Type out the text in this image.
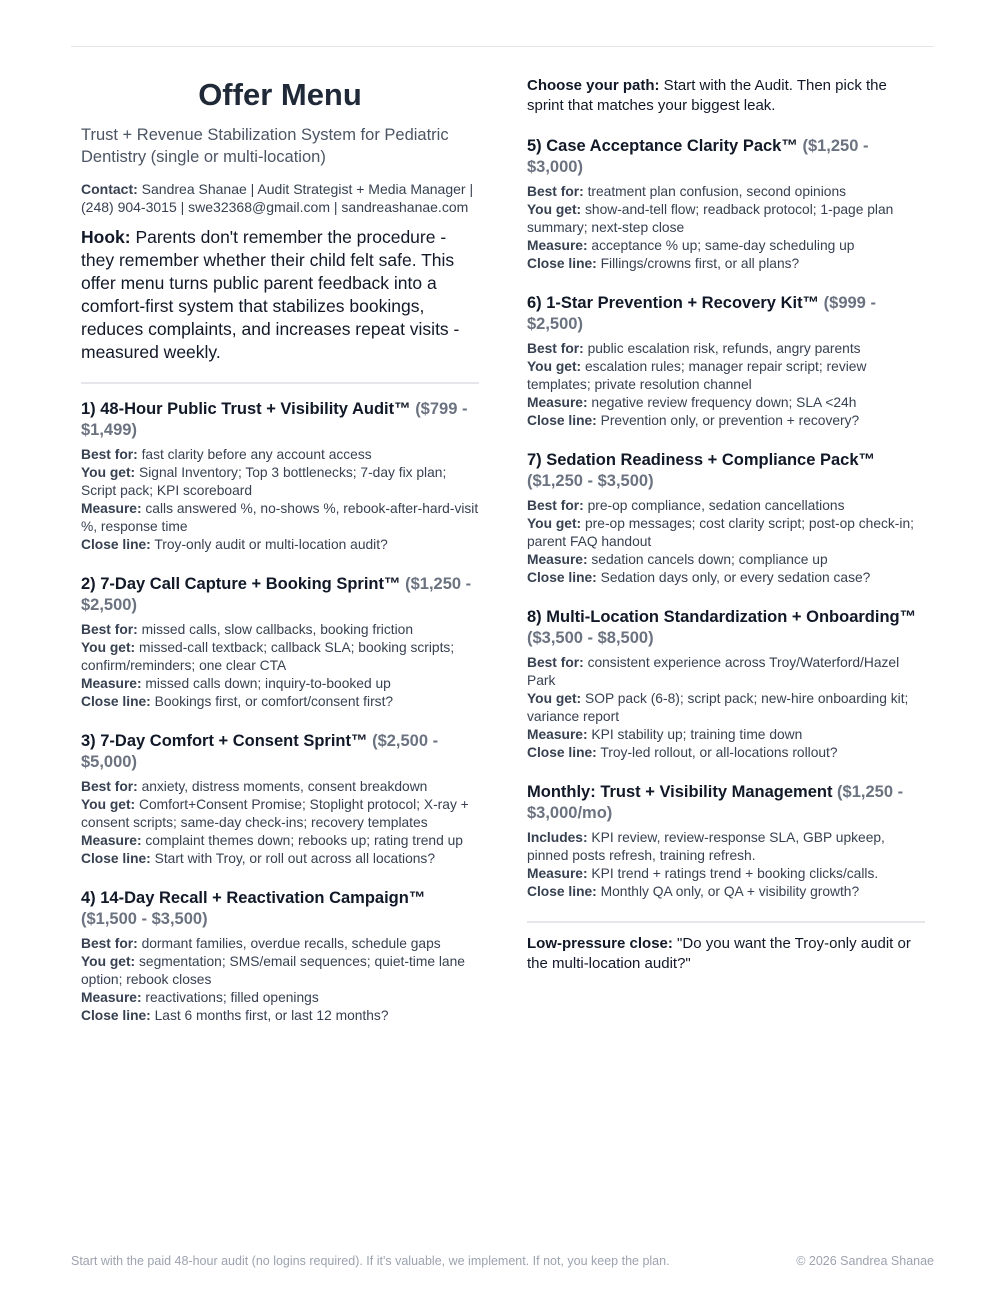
Offer Menu

Trust + Revenue Stabilization System for Pediatric Dentistry (single or multi-location)

Contact: Sandrea Shanae | Audit Strategist + Media Manager | (248) 904-3015 | swe32368@gmail.com | sandreashanae.com

Hook: Parents don't remember the procedure - they remember whether their child felt safe. This offer menu turns public parent feedback into a comfort-first system that stabilizes bookings, reduces complaints, and increases repeat visits - measured weekly.

1) 48-Hour Public Trust + Visibility Audit™ ($799 - $1,499)
Best for: fast clarity before any account access
You get: Signal Inventory; Top 3 bottlenecks; 7-day fix plan; Script pack; KPI scoreboard
Measure: calls answered %, no-shows %, rebook-after-hard-visit %, response time
Close line: Troy-only audit or multi-location audit?
2) 7-Day Call Capture + Booking Sprint™ ($1,250 - $2,500)
Best for: missed calls, slow callbacks, booking friction
You get: missed-call textback; callback SLA; booking scripts; confirm/reminders; one clear CTA
Measure: missed calls down; inquiry-to-booked up
Close line: Bookings first, or comfort/consent first?
3) 7-Day Comfort + Consent Sprint™ ($2,500 - $5,000)
Best for: anxiety, distress moments, consent breakdown
You get: Comfort+Consent Promise; Stoplight protocol; X-ray + consent scripts; same-day check-ins; recovery templates
Measure: complaint themes down; rebooks up; rating trend up
Close line: Start with Troy, or roll out across all locations?
4) 14-Day Recall + Reactivation Campaign™ ($1,500 - $3,500)
Best for: dormant families, overdue recalls, schedule gaps
You get: segmentation; SMS/email sequences; quiet-time lane option; rebook closes
Measure: reactivations; filled openings
Close line: Last 6 months first, or last 12 months?

Choose your path: Start with the Audit. Then pick the sprint that matches your biggest leak.

5) Case Acceptance Clarity Pack™ ($1,250 - $3,000)
Best for: treatment plan confusion, second opinions
You get: show-and-tell flow; readback protocol; 1-page plan summary; next-step close
Measure: acceptance % up; same-day scheduling up
Close line: Fillings/crowns first, or all plans?
6) 1-Star Prevention + Recovery Kit™ ($999 - $2,500)
Best for: public escalation risk, refunds, angry parents
You get: escalation rules; manager repair script; review templates; private resolution channel
Measure: negative review frequency down; SLA <24h
Close line: Prevention only, or prevention + recovery?
7) Sedation Readiness + Compliance Pack™ ($1,250 - $3,500)
Best for: pre-op compliance, sedation cancellations
You get: pre-op messages; cost clarity script; post-op check-in; parent FAQ handout
Measure: sedation cancels down; compliance up
Close line: Sedation days only, or every sedation case?
8) Multi-Location Standardization + Onboarding™ ($3,500 - $8,500)
Best for: consistent experience across Troy/Waterford/Hazel Park
You get: SOP pack (6-8); script pack; new-hire onboarding kit; variance report
Measure: KPI stability up; training time down
Close line: Troy-led rollout, or all-locations rollout?
Monthly: Trust + Visibility Management ($1,250 - $3,000/mo)
Includes: KPI review, review-response SLA, GBP upkeep, pinned posts refresh, training refresh.
Measure: KPI trend + ratings trend + booking clicks/calls.
Close line: Monthly QA only, or QA + visibility growth?

Low-pressure close: "Do you want the Troy-only audit or the multi-location audit?"

Start with the paid 48-hour audit (no logins required). If it's valuable, we implement. If not, you keep the plan.	© 2026 Sandrea Shanae
